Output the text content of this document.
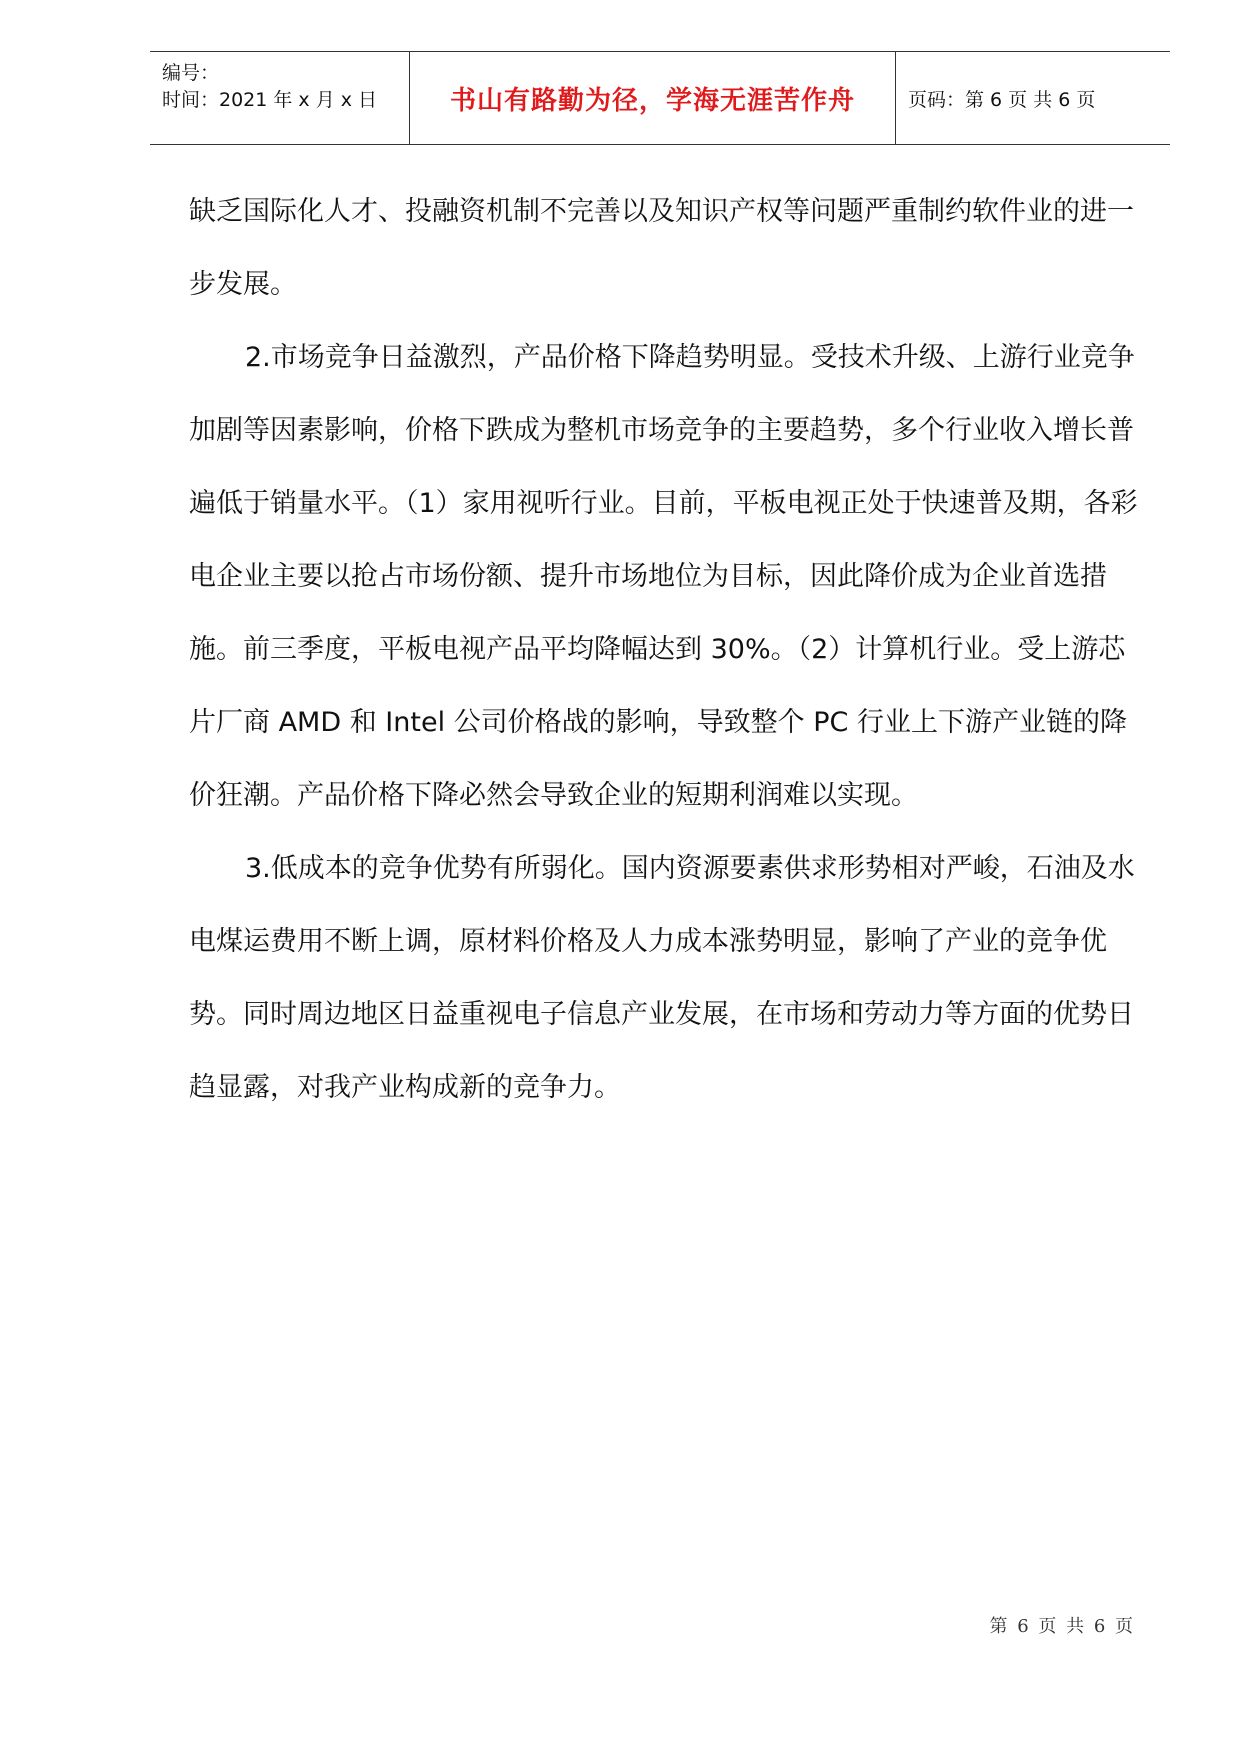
编号：
时间：2021 年 x 月 x 日	书山有路勤为径，学海无涯苦作舟	页码：第 6 页 共 6 页

缺乏国际化人才、投融资机制不完善以及知识产权等问题严重制约软件业的进一步发展。

2.市场竞争日益激烈，产品价格下降趋势明显。受技术升级、上游行业竞争加剧等因素影响，价格下跌成为整机市场竞争的主要趋势，多个行业收入增长普遍低于销量水平。（1）家用视听行业。目前，平板电视正处于快速普及期，各彩电企业主要以抢占市场份额、提升市场地位为目标，因此降价成为企业首选措施。前三季度，平板电视产品平均降幅达到 30%。（2）计算机行业。受上游芯片厂商 AMD 和 Intel 公司价格战的影响，导致整个 PC 行业上下游产业链的降价狂潮。产品价格下降必然会导致企业的短期利润难以实现。

3.低成本的竞争优势有所弱化。国内资源要素供求形势相对严峻，石油及水电煤运费用不断上调，原材料价格及人力成本涨势明显，影响了产业的竞争优势。同时周边地区日益重视电子信息产业发展，在市场和劳动力等方面的优势日趋显露，对我产业构成新的竞争力。

第 6 页 共 6 页
